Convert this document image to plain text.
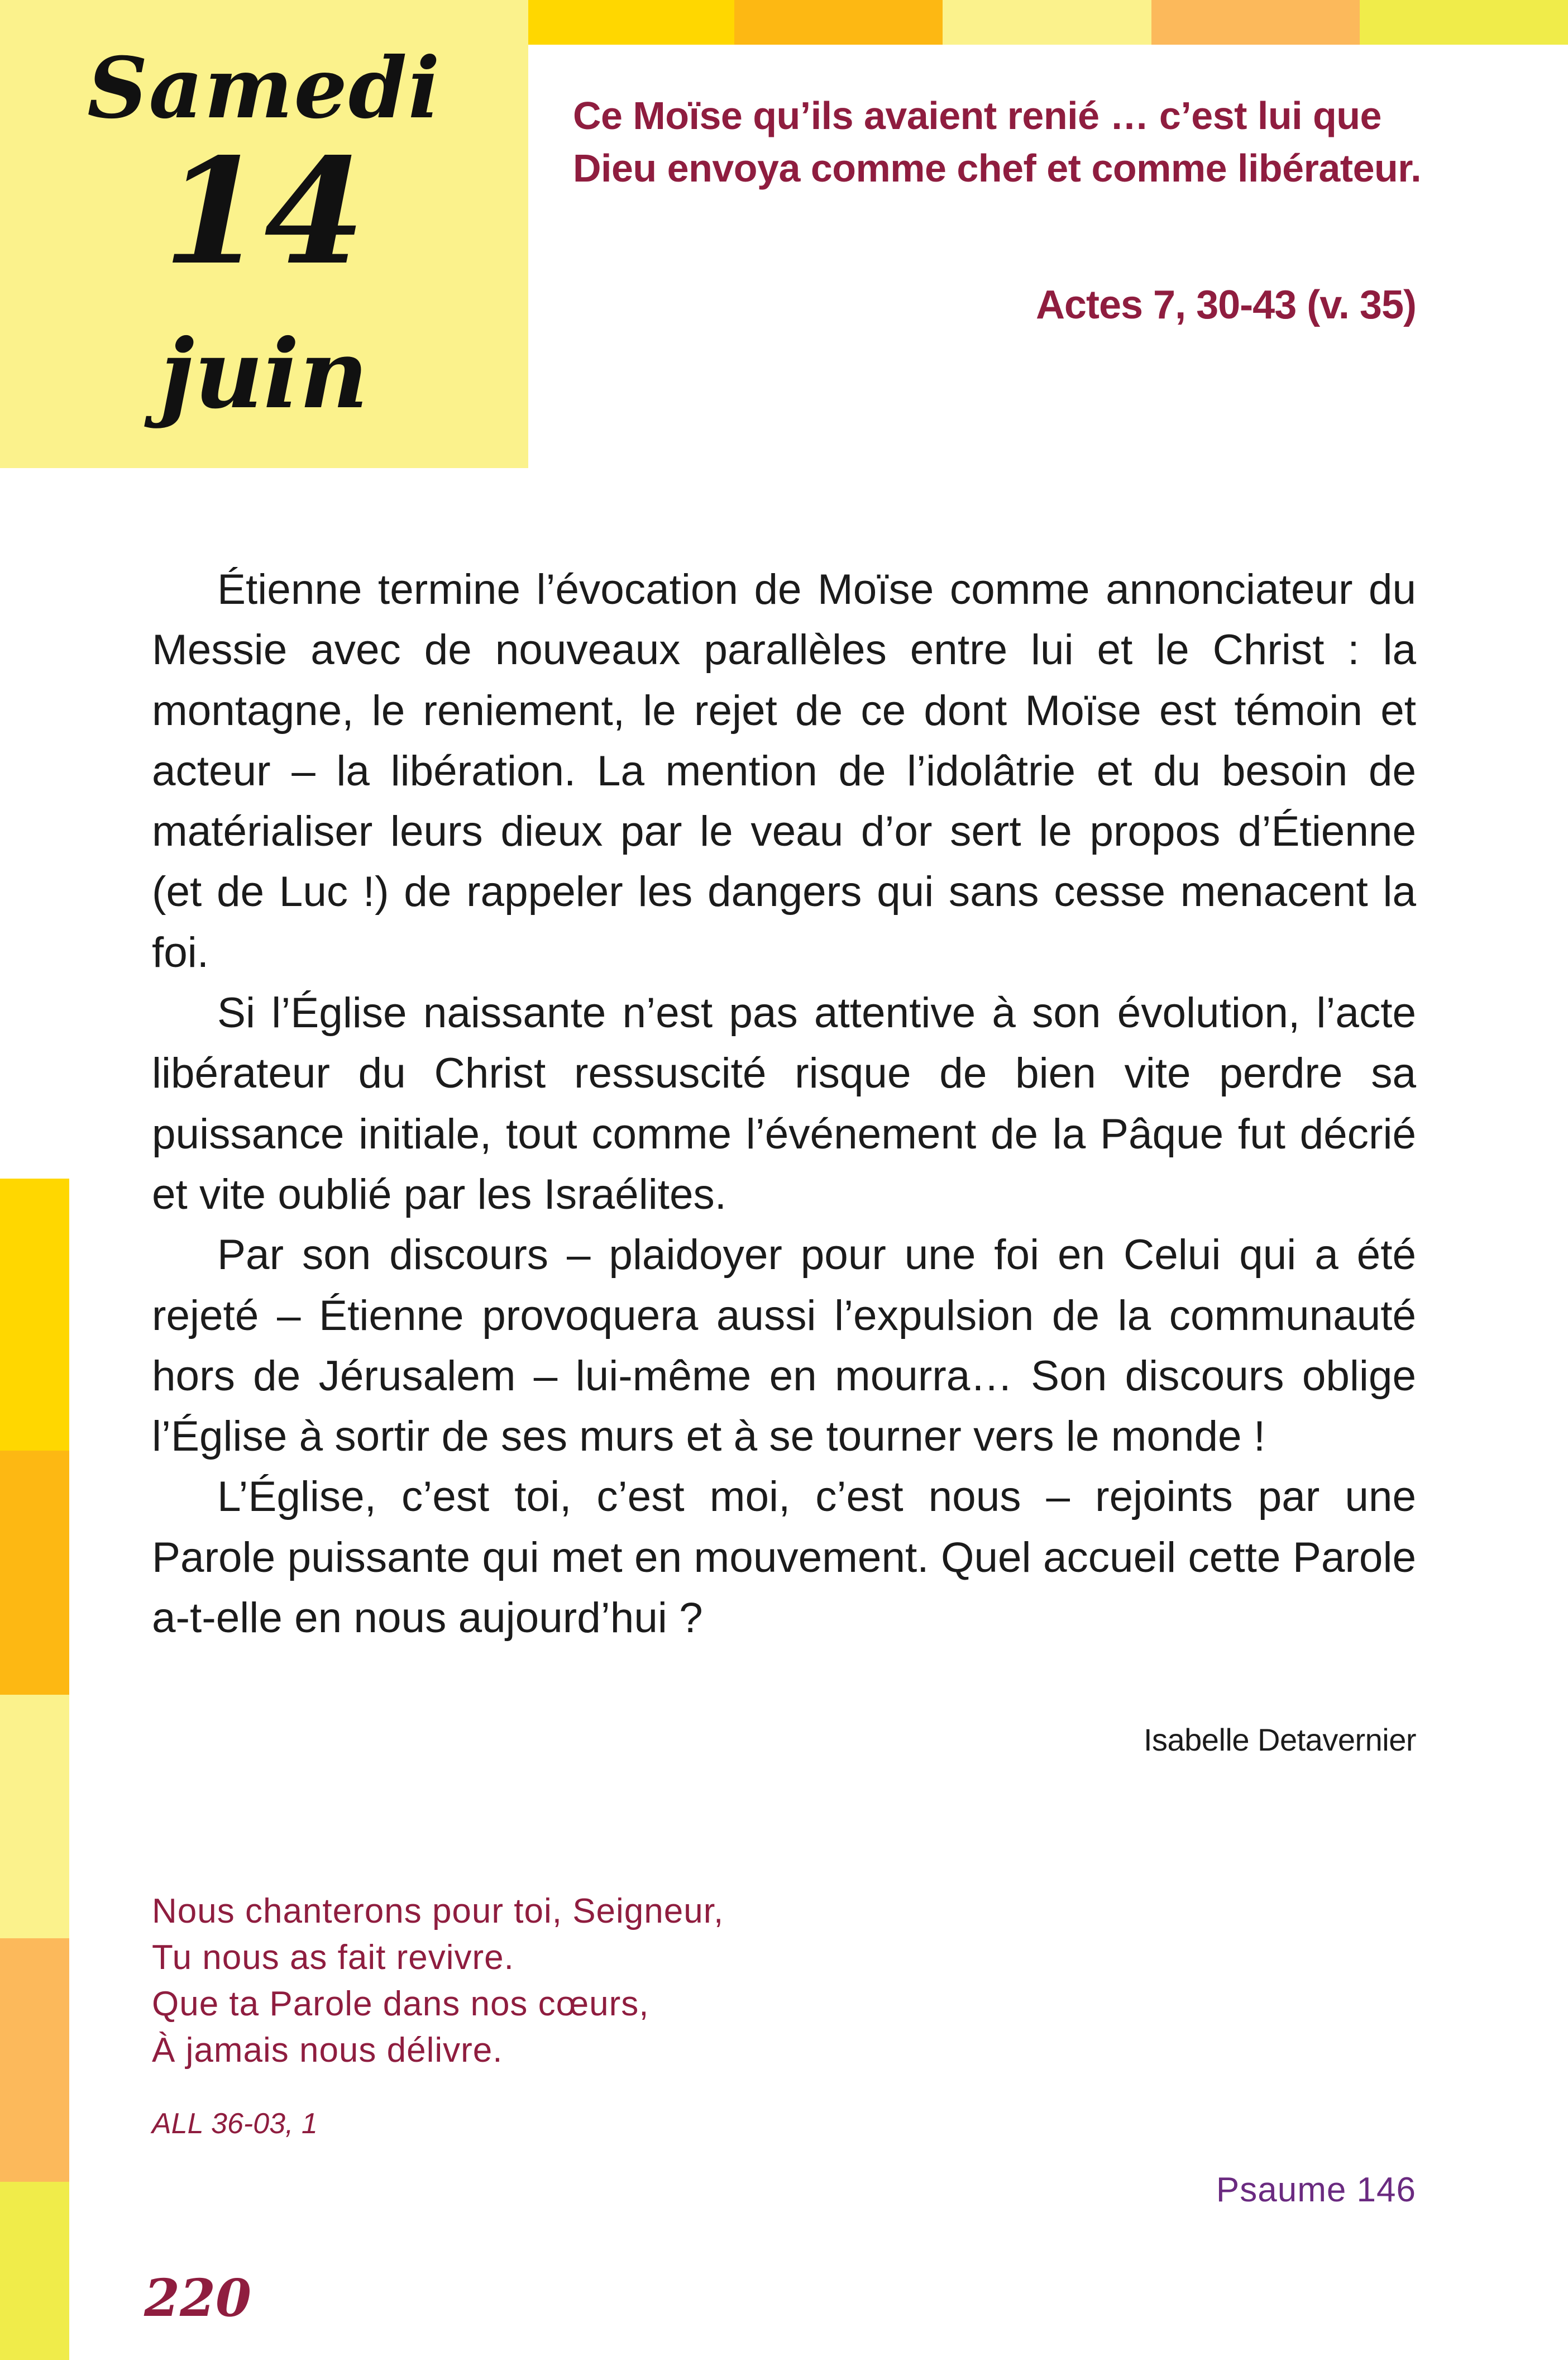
Samedi
14
juin
Ce Moïse qu’ils avaient renié … c’est lui que Dieu envoya comme chef et comme libérateur.
Actes 7, 30-43 (v. 35)

Étienne termine l’évocation de Moïse comme annonciateur du Messie avec de nouveaux parallèles entre lui et le Christ : la montagne, le reniement, le rejet de ce dont Moïse est témoin et acteur – la libération. La mention de l’idolâtrie et du besoin de matérialiser leurs dieux par le veau d’or sert le propos d’Étienne (et de Luc !) de rappeler les dangers qui sans cesse menacent la foi.

Si l’Église naissante n’est pas attentive à son évolution, l’acte libérateur du Christ ressuscité risque de bien vite perdre sa puissance initiale, tout comme l’événement de la Pâque fut décrié et vite oublié par les Israélites.

Par son discours – plaidoyer pour une foi en Celui qui a été rejeté – Étienne provoquera aussi l’expulsion de la communauté hors de Jérusalem – lui-même en mourra… Son discours oblige l’Église à sortir de ses murs et à se tourner vers le monde !

L’Église, c’est toi, c’est moi, c’est nous – rejoints par une Parole puissante qui met en mouvement. Quel accueil cette Parole a-t-elle en nous aujourd’hui ?

Isabelle Detavernier
Nous chanterons pour toi, Seigneur,
Tu nous as fait revivre.
Que ta Parole dans nos cœurs,
À jamais nous délivre.
ALL 36-03, 1
Psaume 146
220
